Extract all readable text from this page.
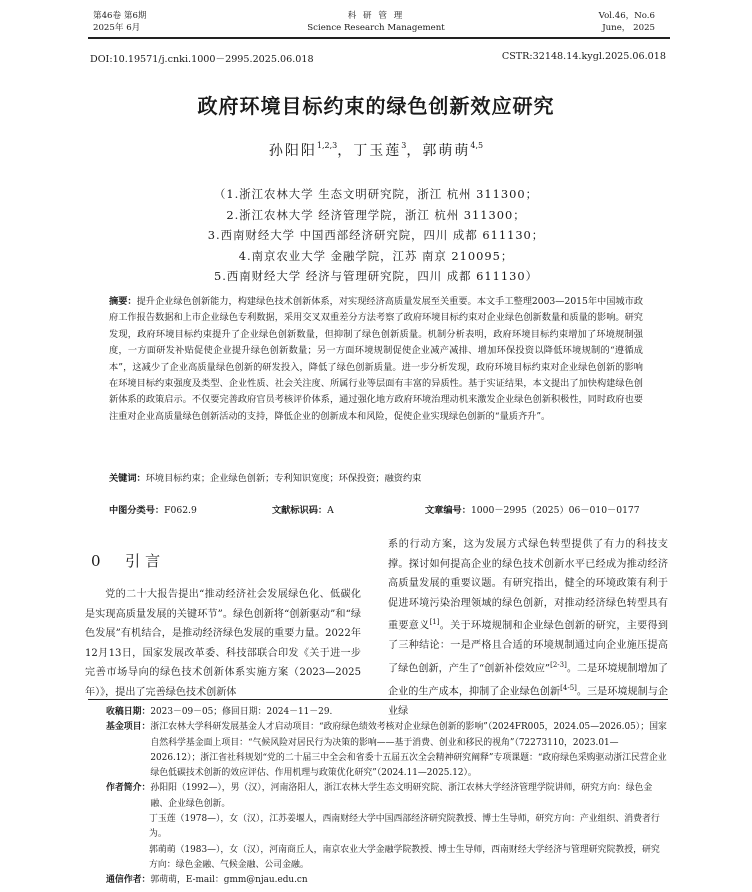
第46卷 第6期
2025年 6月
科 研 管 理
Science Research Management
Vol.46，No.6
June， 2025
DOI:10.19571/j.cnki.1000－2995.2025.06.018	CSTR:32148.14.kygl.2025.06.018
政府环境目标约束的绿色创新效应研究
孙阳阳$^{1,2,3}$，丁玉莲$^3$，郭萌萌$^{4,5}$
（1.浙江农林大学 生态文明研究院，浙江 杭州 311300；
2.浙江农林大学 经济管理学院，浙江 杭州 311300；
3.西南财经大学 中国西部经济研究院，四川 成都 611130；
4.南京农业大学 金融学院，江苏 南京 210095；
5.西南财经大学 经济与管理研究院，四川 成都 611130）
摘要：提升企业绿色创新能力，构建绿色技术创新体系，对实现经济高质量发展至关重要。本文手工整理2003—2015年中国城市政府工作报告数据和上市企业绿色专利数据，采用交叉双重差分方法考察了政府环境目标约束对企业绿色创新数量和质量的影响。研究发现，政府环境目标约束提升了企业绿色创新数量，但抑制了绿色创新质量。机制分析表明，政府环境目标约束增加了环境规制强度，一方面研发补贴促使企业提升绿色创新数量；另一方面环境规制促使企业减产减排、增加环保投资以降低环境规制的“遵循成本”，这减少了企业高质量绿色创新的研发投入，降低了绿色创新质量。进一步分析发现，政府环境目标约束对企业绿色创新的影响在环境目标约束强度及类型、企业性质、社会关注度、所属行业等层面有丰富的异质性。基于实证结果，本文提出了加快构建绿色创新体系的政策启示。不仅要完善政府官员考核评价体系，通过强化地方政府环境治理动机来激发企业绿色创新积极性，同时政府也要注重对企业高质量绿色创新活动的支持，降低企业的创新成本和风险，促使企业实现绿色创新的“量质齐升”。
关键词：环境目标约束；企业绿色创新；专利知识宽度；环保投资；融资约束
中图分类号：F062.9	文献标识码：A	文章编号：1000－2995（2025）06－010－0177
0 引言

党的二十大报告提出“推动经济社会发展绿色化、低碳化是实现高质量发展的关键环节”。绿色创新将“创新驱动”和“绿色发展”有机结合，是推动经济绿色发展的重要力量。2022年12月13日，国家发展改革委、科技部联合印发《关于进一步完善市场导向的绿色技术创新体系实施方案（2023—2025年）》，提出了完善绿色技术创新体

系的行动方案，这为发展方式绿色转型提供了有力的科技支撑。探讨如何提高企业的绿色技术创新水平已经成为推动经济高质量发展的重要议题。有研究指出，健全的环境政策有利于促进环境污染治理领域的绿色创新，对推动经济绿色转型具有重要意义[1]。关于环境规制和企业绿色创新的研究，主要得到了三种结论：一是严格且合适的环境规制通过向企业施压提高了绿色创新，产生了“创新补偿效应”[2-3]。二是环境规制增加了企业的生产成本，抑制了企业绿色创新[4-5]。三是环境规制与企业绿

收稿日期： 2023－09－05；修回日期：2024－11－29.
基金项目： 浙江农林大学科研发展基金人才启动项目：“政府绿色绩效考核对企业绿色创新的影响”（2024FR005，2024.05—2026.05）；国家自然科学基金面上项目：“气候风险对居民行为决策的影响——基于消费、创业和移民的视角”（72273110，2023.01—2026.12）；浙江省社科规划“党的二十届三中全会和省委十五届五次全会精神研究阐释”专项课题：“政府绿色采购驱动浙江民营企业绿色低碳技术创新的效应评估、作用机理与政策优化研究”（2024.11—2025.12）。
作者简介： 孙阳阳（1992—），男（汉），河南洛阳人，浙江农林大学生态文明研究院、浙江农林大学经济管理学院讲师，研究方向：绿色金融、企业绿色创新。
丁玉莲（1978—），女（汉），江苏姜堰人，西南财经大学中国西部经济研究院教授、博士生导师，研究方向：产业组织、消费者行为。
郭萌萌（1983—），女（汉），河南商丘人，南京农业大学金融学院教授、博士生导师，西南财经大学经济与管理研究院教授，研究方向：绿色金融、气候金融、公司金融。
通信作者： 郭萌萌，E-mail：gmm@njau.edu.cn
